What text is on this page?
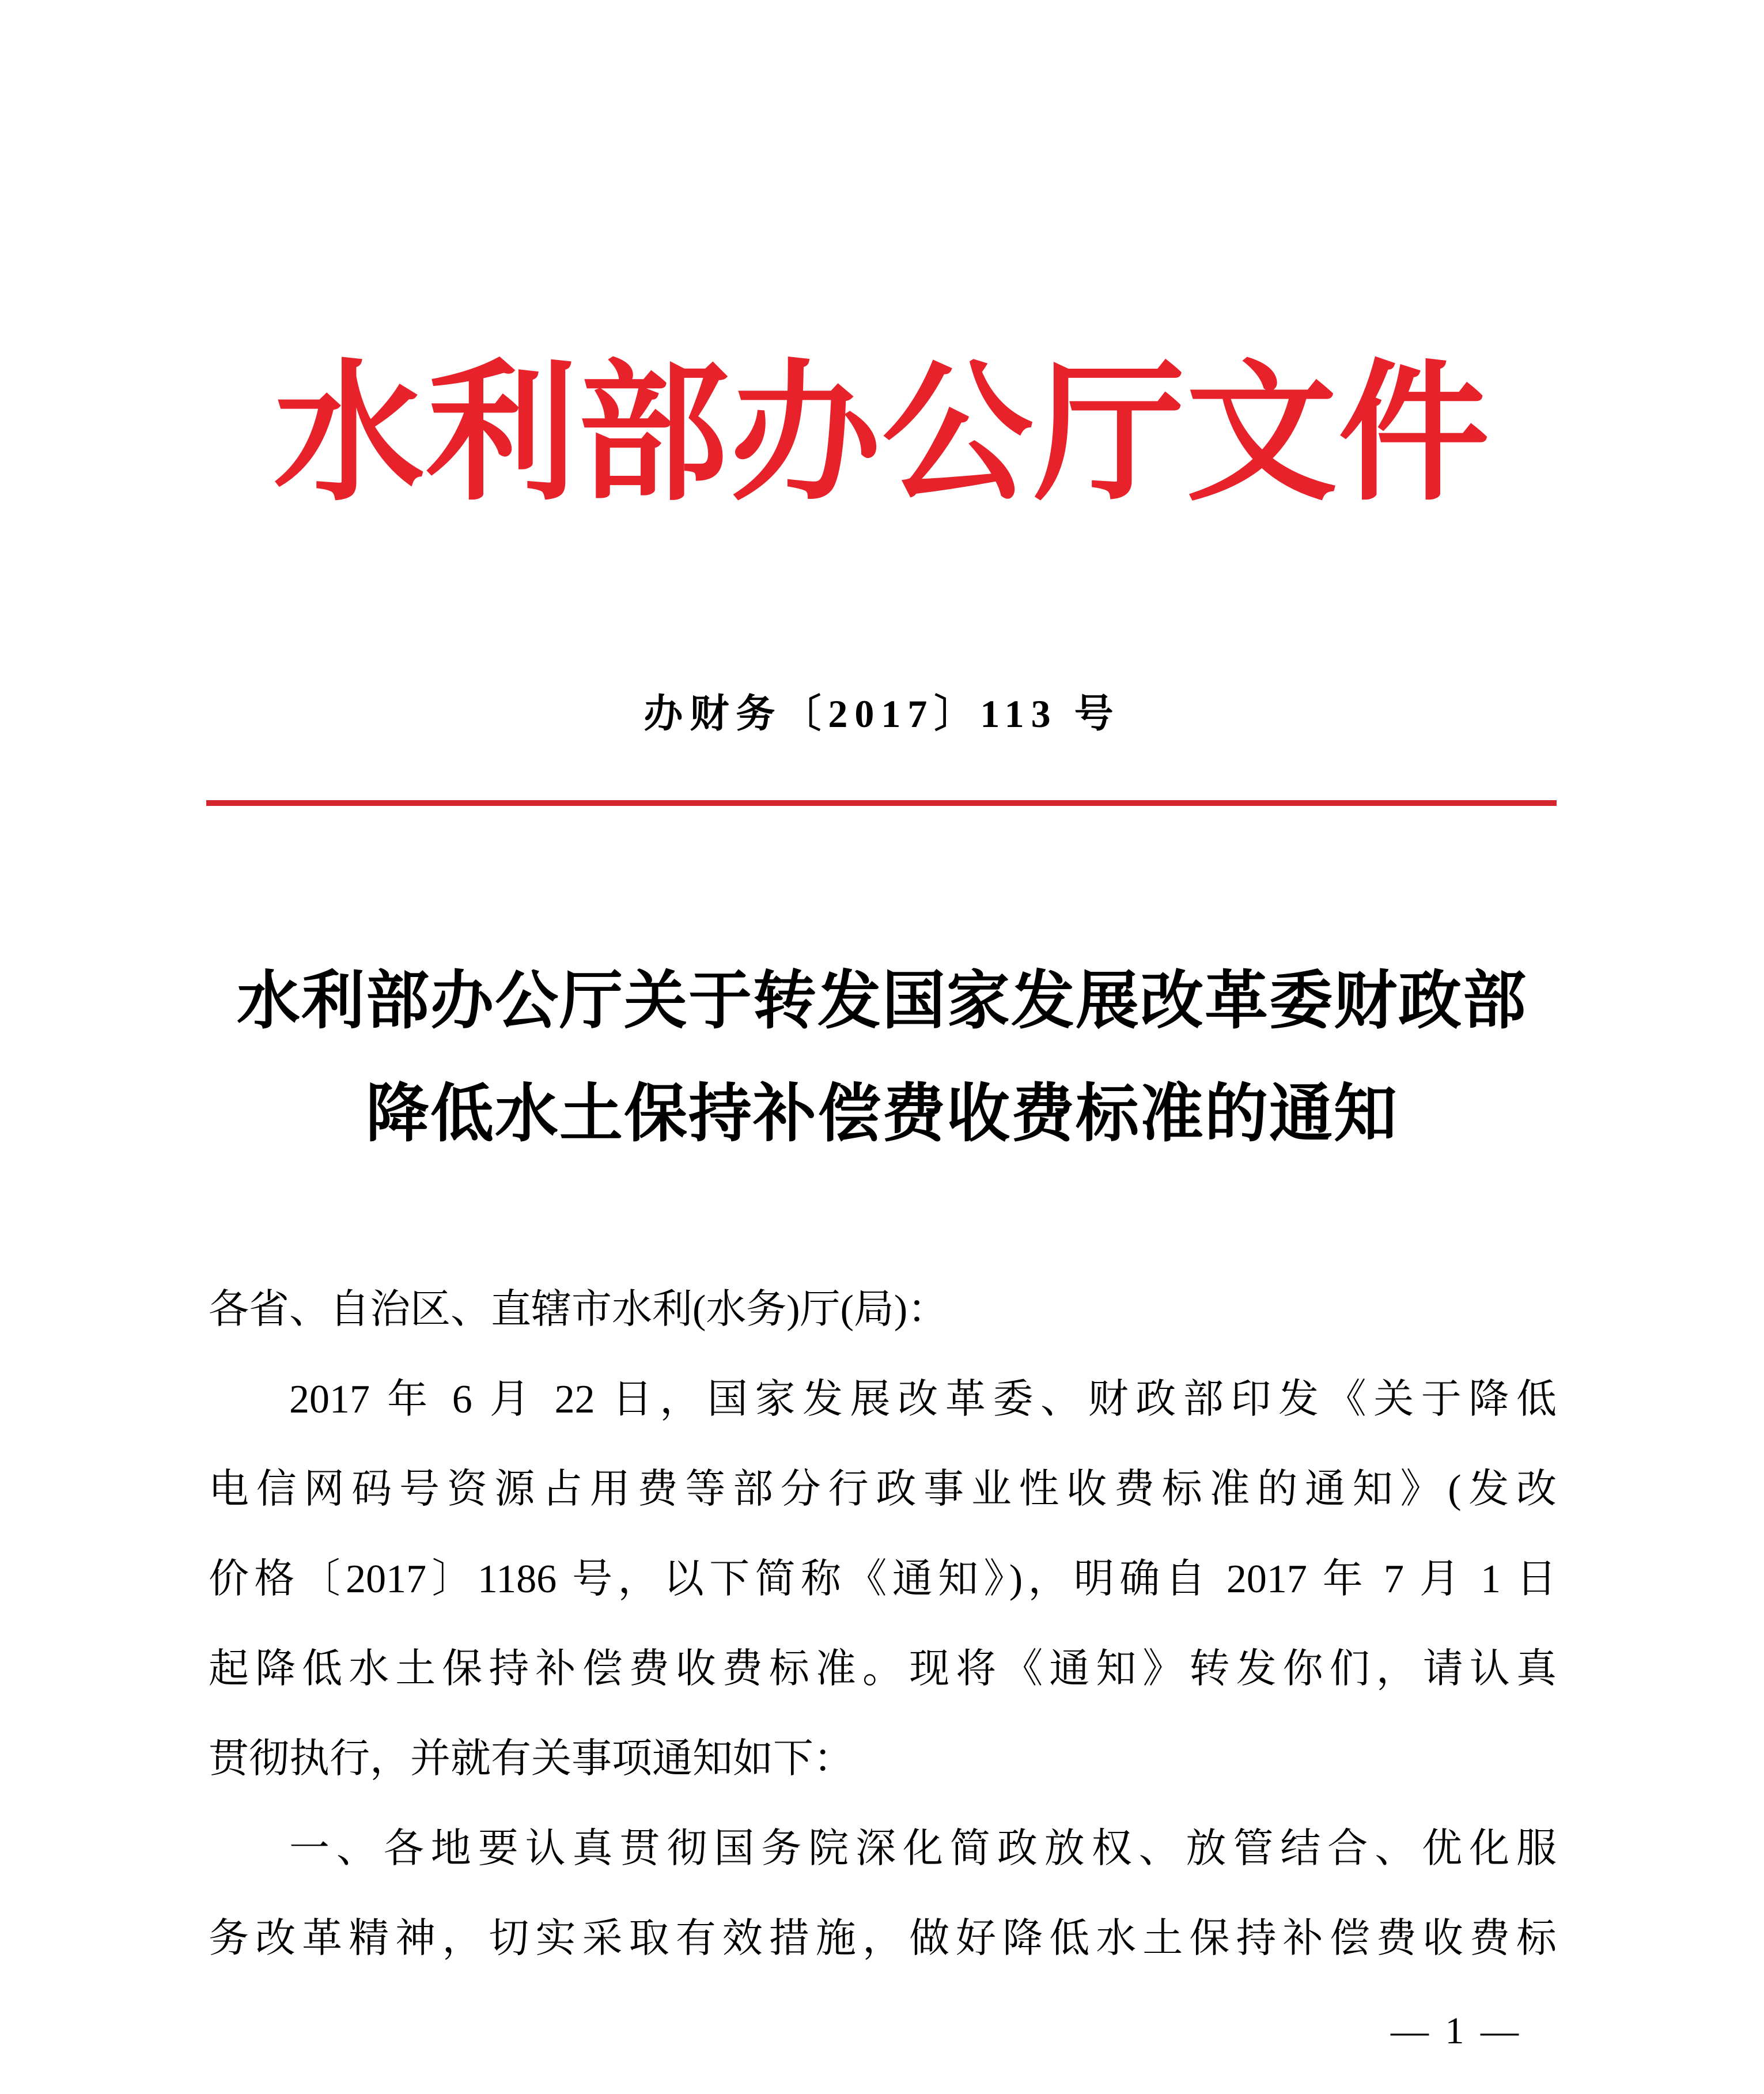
水利部办公厅文件
办财务〔2017〕113 号
水利部办公厅关于转发国家发展改革委财政部
降低水土保持补偿费收费标准的通知
各省、自治区、直辖市水利(水务)厅(局)：
2017 年 6 月 22 日，国家发展改革委、财政部印发《关于降低
电信网码号资源占用费等部分行政事业性收费标准的通知》(发改
价格〔2017〕1186 号，以下简称《通知》)，明确自 2017 年 7 月 1 日
起降低水土保持补偿费收费标准。现将《通知》转发你们，请认真
贯彻执行，并就有关事项通知如下：
一、各地要认真贯彻国务院深化简政放权、放管结合、优化服
务改革精神，切实采取有效措施，做好降低水土保持补偿费收费标
— 1 —
